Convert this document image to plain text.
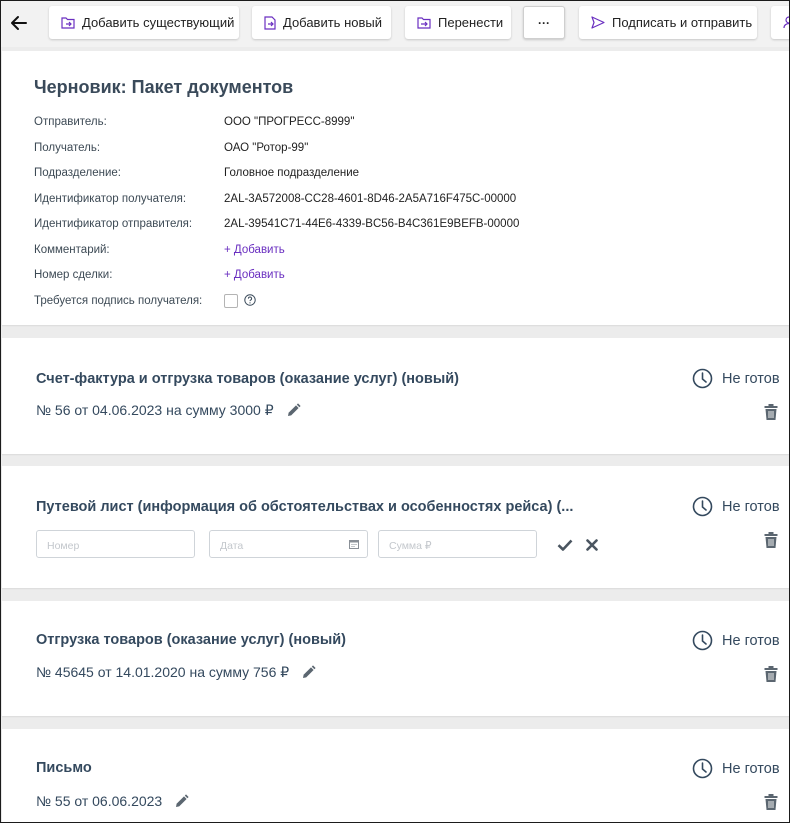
Добавить существующий	Добавить новый	Перенести	···	Подписать и отправить
Черновик: Пакет документов
Отправитель:	ООО "ПРОГРЕСС-8999"
Получатель:	ОАО "Ротор-99"
Подразделение:	Головное подразделение
Идентификатор получателя:	2AL-3A572008-CC28-4601-8D46-2A5A716F475C-00000
Идентификатор отправителя:	2AL-39541C71-44E6-4339-BC56-B4C361E9BEFB-00000
Комментарий:	+ Добавить
Номер сделки:	+ Добавить
Требуется подпись получателя:
Счет-фактура и отгрузка товаров (оказание услуг) (новый)
№ 56 от 04.06.2023 на сумму 3000 ₽
Не готов
Путевой лист (информация об обстоятельствах и особенностях рейса) (...	Не готов
Номер	Дата	Сумма ₽
Отгрузка товаров (оказание услуг) (новый)
№ 45645 от 14.01.2020 на сумму 756 ₽
Не готов
Письмо
№ 55 от 06.06.2023
Не готов
